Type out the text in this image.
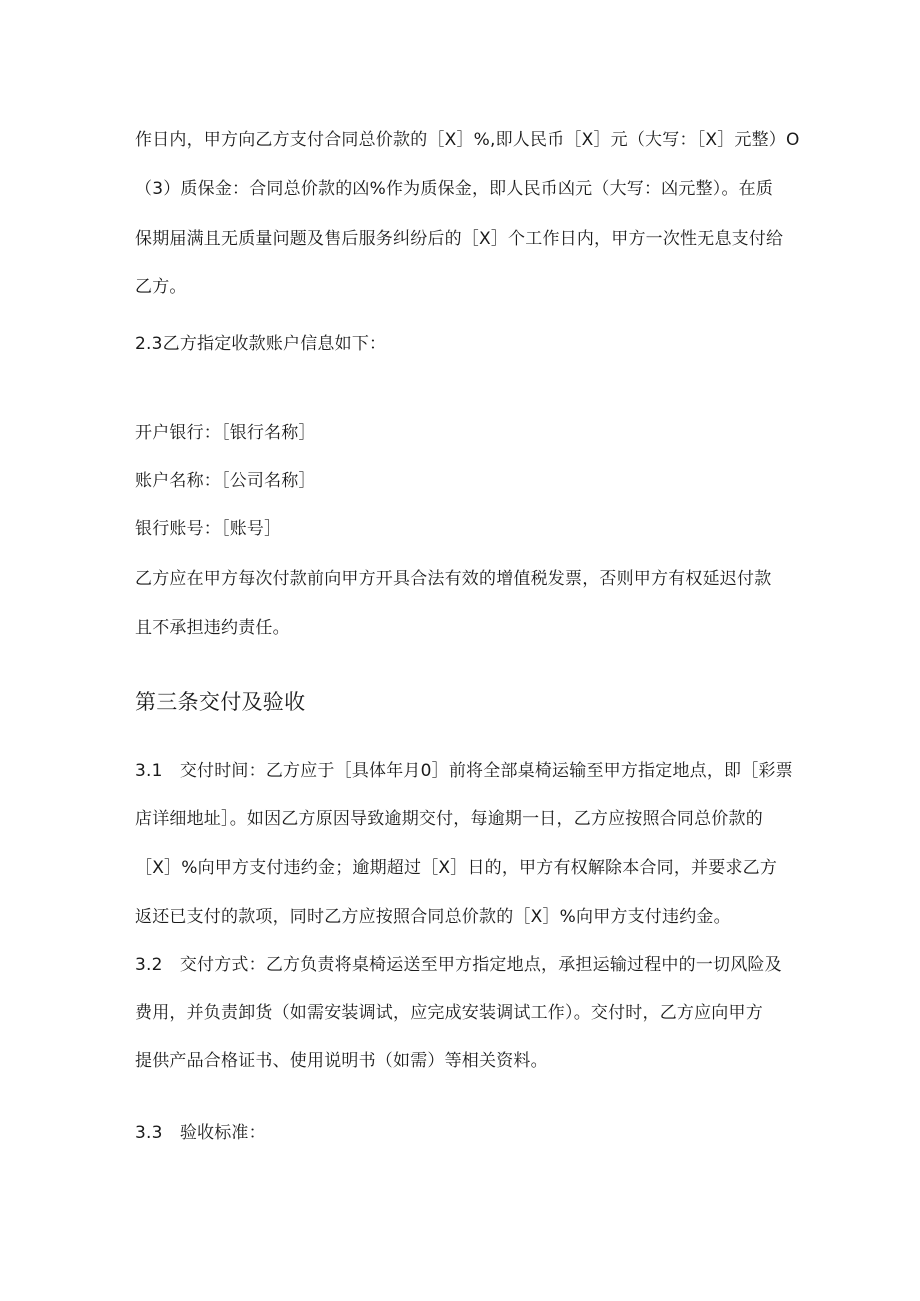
作日内，甲方向乙方支付合同总价款的［X］%,即人民币［X］元（大写：［X］元整）O
（3）质保金：合同总价款的凶%作为质保金，即人民币凶元（大写：凶元整）。在质
保期届满且无质量问题及售后服务纠纷后的［X］个工作日内，甲方一次性无息支付给
乙方。
2.3乙方指定收款账户信息如下：
开户银行：［银行名称］
账户名称：［公司名称］
银行账号：［账号］
乙方应在甲方每次付款前向甲方开具合法有效的增值税发票，否则甲方有权延迟付款
且不承担违约责任。
第三条交付及验收
3.1　交付时间：乙方应于［具体年月0］前将全部桌椅运输至甲方指定地点，即［彩票
店详细地址］。如因乙方原因导致逾期交付，每逾期一日，乙方应按照合同总价款的
［X］%向甲方支付违约金；逾期超过［X］日的，甲方有权解除本合同，并要求乙方
返还已支付的款项，同时乙方应按照合同总价款的［X］%向甲方支付违约金。
3.2　交付方式：乙方负责将桌椅运送至甲方指定地点，承担运输过程中的一切风险及
费用，并负责卸货（如需安装调试，应完成安装调试工作）。交付时，乙方应向甲方
提供产品合格证书、使用说明书（如需）等相关资料。
3.3　验收标准：
